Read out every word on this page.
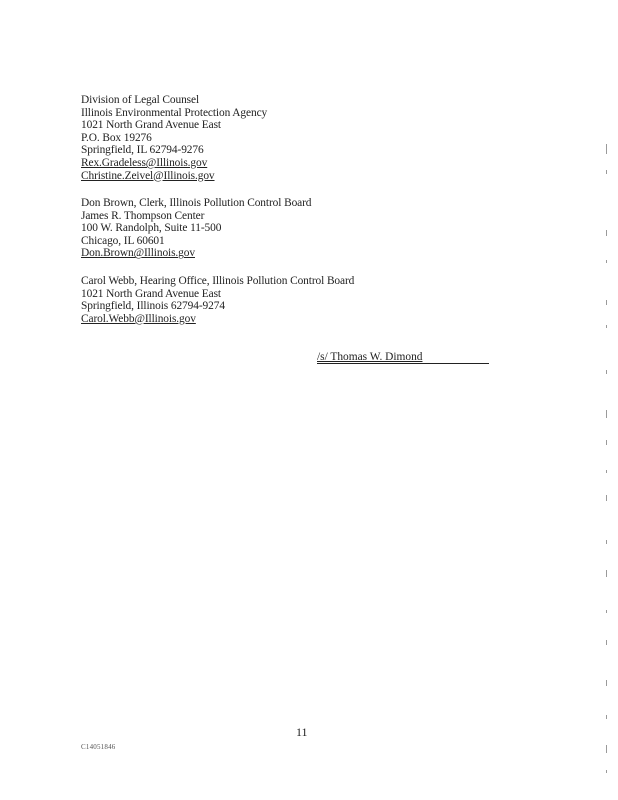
Division of Legal Counsel
Illinois Environmental Protection Agency
1021 North Grand Avenue East
P.O. Box 19276
Springfield, IL 62794-9276
Rex.Gradeless@Illinois.gov
Christine.Zeivel@Illinois.gov
Don Brown, Clerk, Illinois Pollution Control Board
James R. Thompson Center
100 W. Randolph, Suite 11-500
Chicago, IL 60601
Don.Brown@Illinois.gov
Carol Webb, Hearing Office, Illinois Pollution Control Board
1021 North Grand Avenue East
Springfield, Illinois 62794-9274
Carol.Webb@Illinois.gov
/s/ Thomas W. Dimond
11
C14051846
